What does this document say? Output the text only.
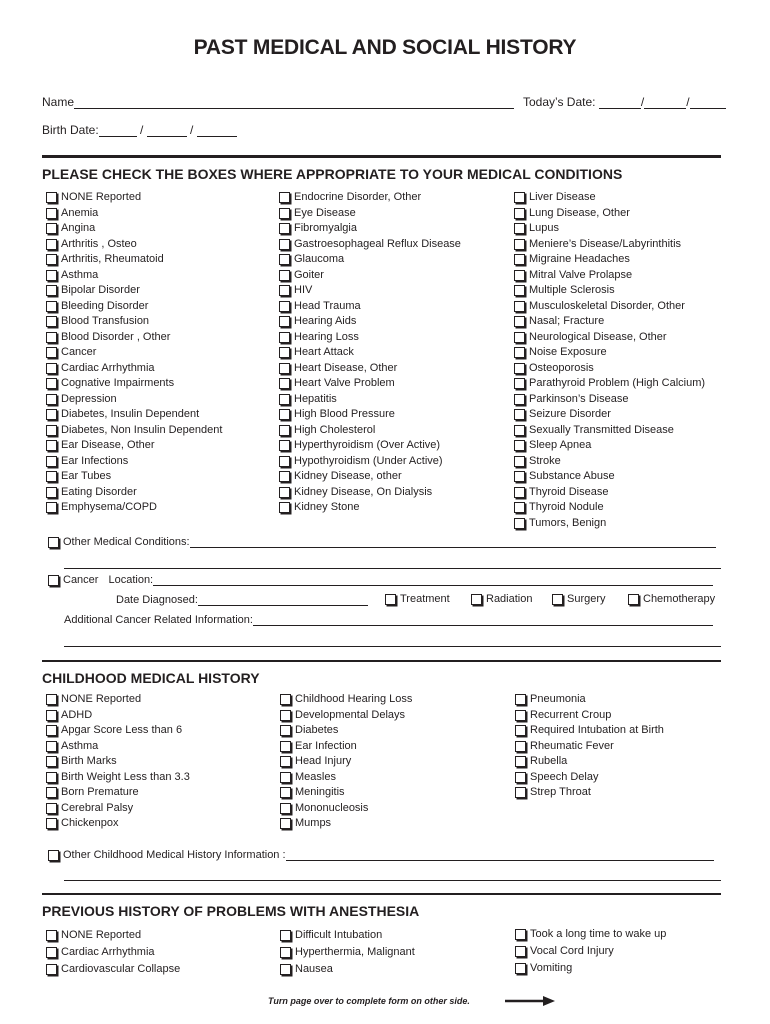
PAST MEDICAL AND SOCIAL HISTORY
Name	Today’s Date:	/	/
Birth Date:	/	/
PLEASE CHECK THE BOXES WHERE APPROPRIATE TO YOUR MEDICAL CONDITIONS
NONE Reported
Anemia
Angina
Arthritis , Osteo
Arthritis, Rheumatoid
Asthma
Bipolar Disorder
Bleeding Disorder
Blood Transfusion
Blood Disorder , Other
Cancer
Cardiac Arrhythmia
Cognative Impairments
Depression
Diabetes, Insulin Dependent
Diabetes, Non Insulin Dependent
Ear Disease, Other
Ear Infections
Ear Tubes
Eating Disorder
Emphysema/COPD
Endocrine Disorder, Other
Eye Disease
Fibromyalgia
Gastroesophageal Reflux Disease
Glaucoma
Goiter
HIV
Head Trauma
Hearing Aids
Hearing Loss
Heart Attack
Heart Disease, Other
Heart Valve Problem
Hepatitis
High Blood Pressure
High Cholesterol
Hyperthyroidism (Over Active)
Hypothyroidism (Under Active)
Kidney Disease, other
Kidney Disease, On Dialysis
Kidney Stone
Liver Disease
Lung Disease, Other
Lupus
Meniere’s Disease/Labyrinthitis
Migraine Headaches
Mitral Valve Prolapse
Multiple Sclerosis
Musculoskeletal Disorder, Other
Nasal; Fracture
Neurological Disease, Other
Noise Exposure
Osteoporosis
Parathyroid Problem (High Calcium)
Parkinson’s Disease
Seizure Disorder
Sexually Transmitted Disease
Sleep Apnea
Stroke
Substance Abuse
Thyroid Disease
Thyroid Nodule
Tumors, Benign
Other Medical Conditions:
Cancer Location:
Date Diagnosed:	Treatment	Radiation	Surgery	Chemotherapy
Additional Cancer Related Information:
CHILDHOOD MEDICAL HISTORY
NONE Reported
ADHD
Apgar Score Less than 6
Asthma
Birth Marks
Birth Weight Less than 3.3
Born Premature
Cerebral Palsy
Chickenpox
Childhood Hearing Loss
Developmental Delays
Diabetes
Ear Infection
Head Injury
Measles
Meningitis
Mononucleosis
Mumps
Pneumonia
Recurrent Croup
Required Intubation at Birth
Rheumatic Fever
Rubella
Speech Delay
Strep Throat
Other Childhood Medical History Information :
PREVIOUS HISTORY OF PROBLEMS WITH ANESTHESIA
NONE Reported
Cardiac Arrhythmia
Cardiovascular Collapse
Difficult Intubation
Hyperthermia, Malignant
Nausea
Took a long time to wake up
Vocal Cord Injury
Vomiting
Turn page over to complete form on other side.
